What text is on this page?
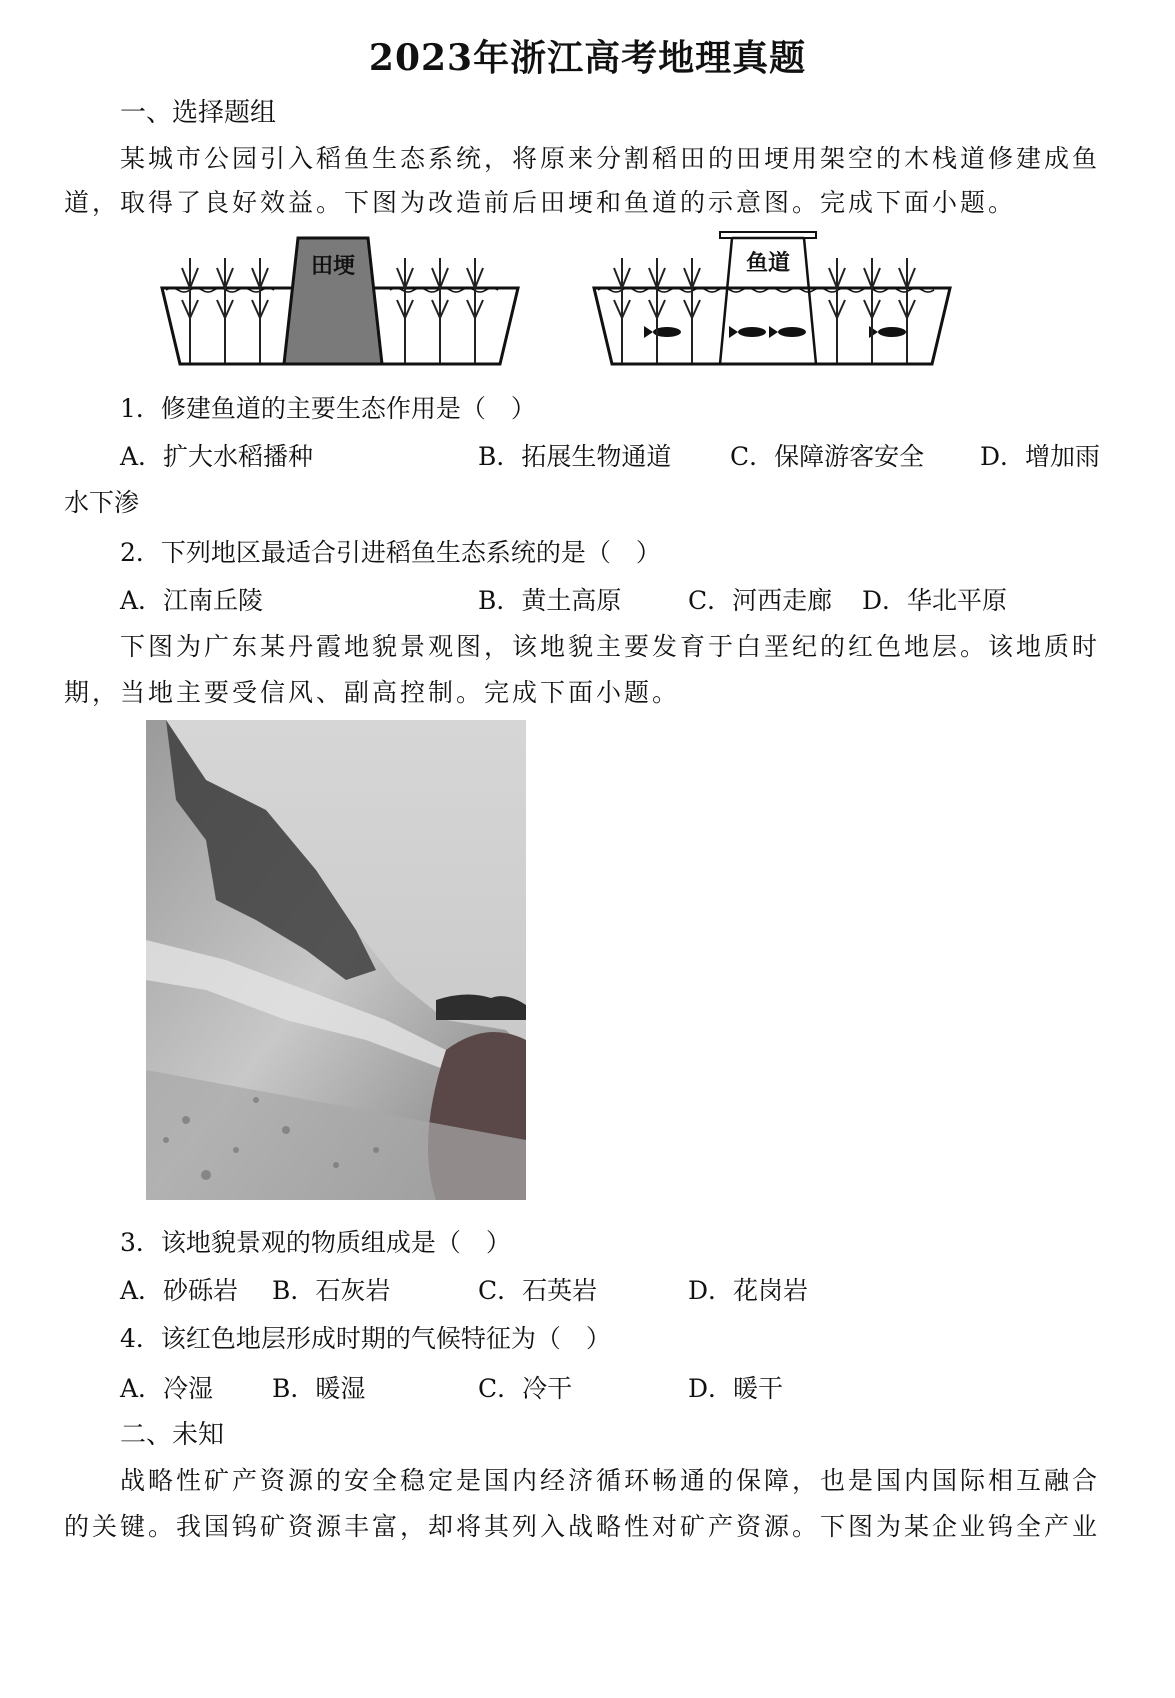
2023年浙江高考地理真题
一、选择题组
某城市公园引入稻鱼生态系统，将原来分割稻田的田埂用架空的木栈道修建成鱼
道，取得了良好效益。下图为改造前后田埂和鱼道的示意图。完成下面小题。
田埂	鱼道
1．修建鱼道的主要生态作用是（　）
A．扩大水稻播种	B．拓展生物通道 C．保障游客安全 D．增加雨
水下渗
2．下列地区最适合引进稻鱼生态系统的是（　）
A．江南丘陵	B．黄土高原	C．河西走廊 D．华北平原
下图为广东某丹霞地貌景观图，该地貌主要发育于白垩纪的红色地层。该地质时
期，当地主要受信风、副高控制。完成下面小题。
3．该地貌景观的物质组成是（　）
A．砂砾岩 B．石灰岩	C．石英岩	D．花岗岩
4．该红色地层形成时期的气候特征为（　）
A．冷湿 B．暖湿	C．冷干	D．暖干
二、未知
战略性矿产资源的安全稳定是国内经济循环畅通的保障，也是国内国际相互融合
的关键。我国钨矿资源丰富，却将其列入战略性对矿产资源。下图为某企业钨全产业
